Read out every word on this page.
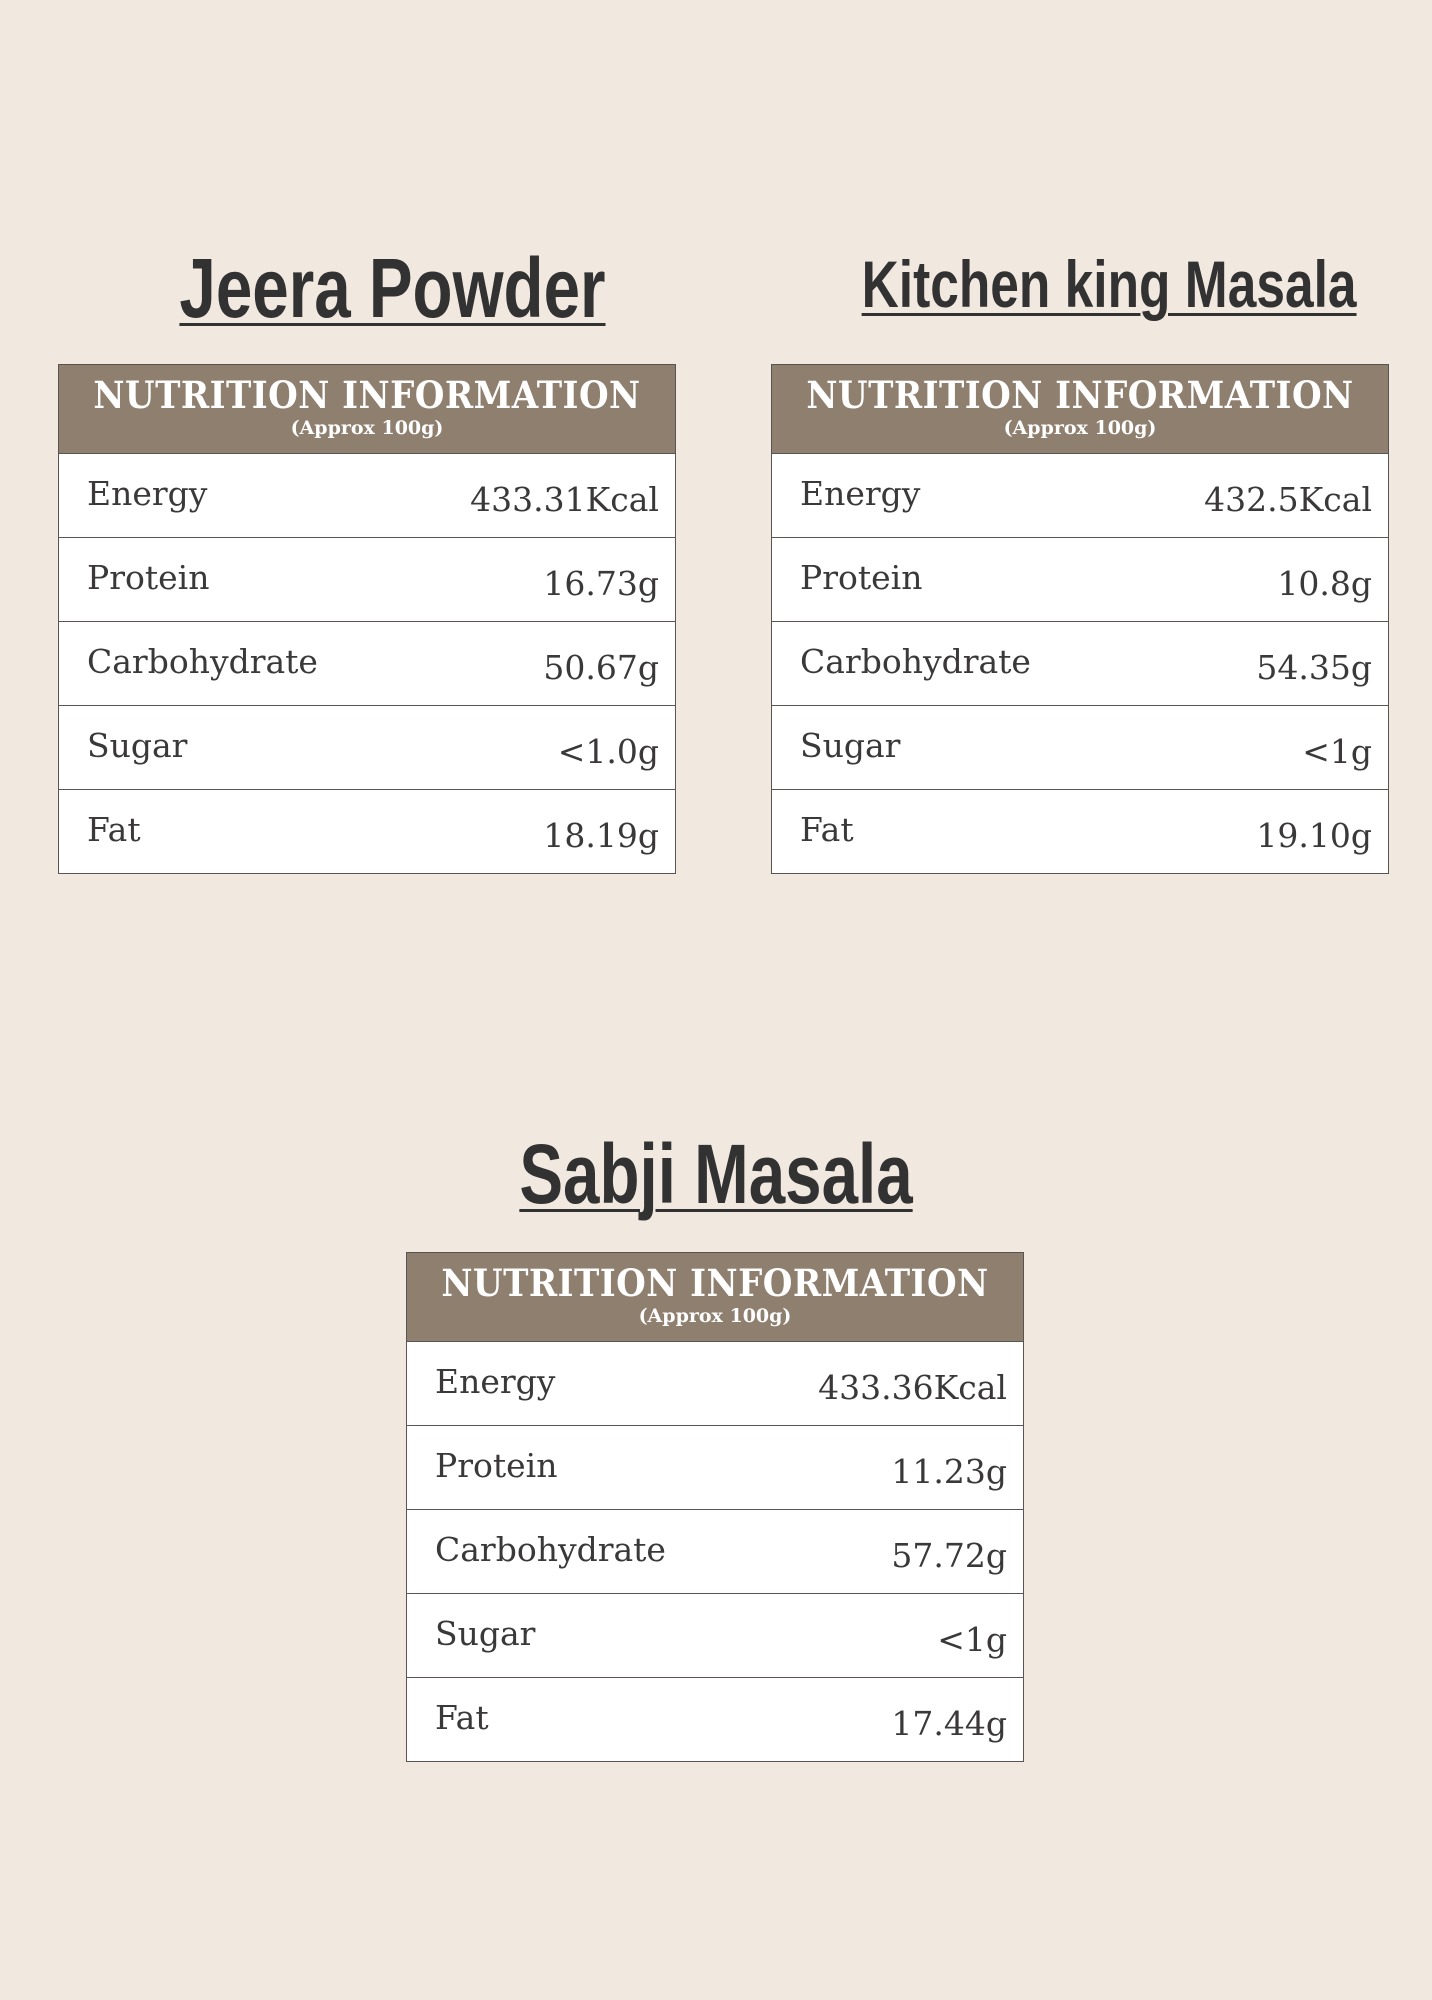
Jeera Powder
NUTRITION INFORMATION
(Approx 100g)
Energy	433.31Kcal
Protein	16.73g
Carbohydrate	50.67g
Sugar	<1.0g
Fat	18.19g
Kitchen king Masala
NUTRITION INFORMATION
(Approx 100g)
Energy	432.5Kcal
Protein	10.8g
Carbohydrate	54.35g
Sugar	<1g
Fat	19.10g
Sabji Masala
NUTRITION INFORMATION
(Approx 100g)
Energy	433.36Kcal
Protein	11.23g
Carbohydrate	57.72g
Sugar	<1g
Fat	17.44g
